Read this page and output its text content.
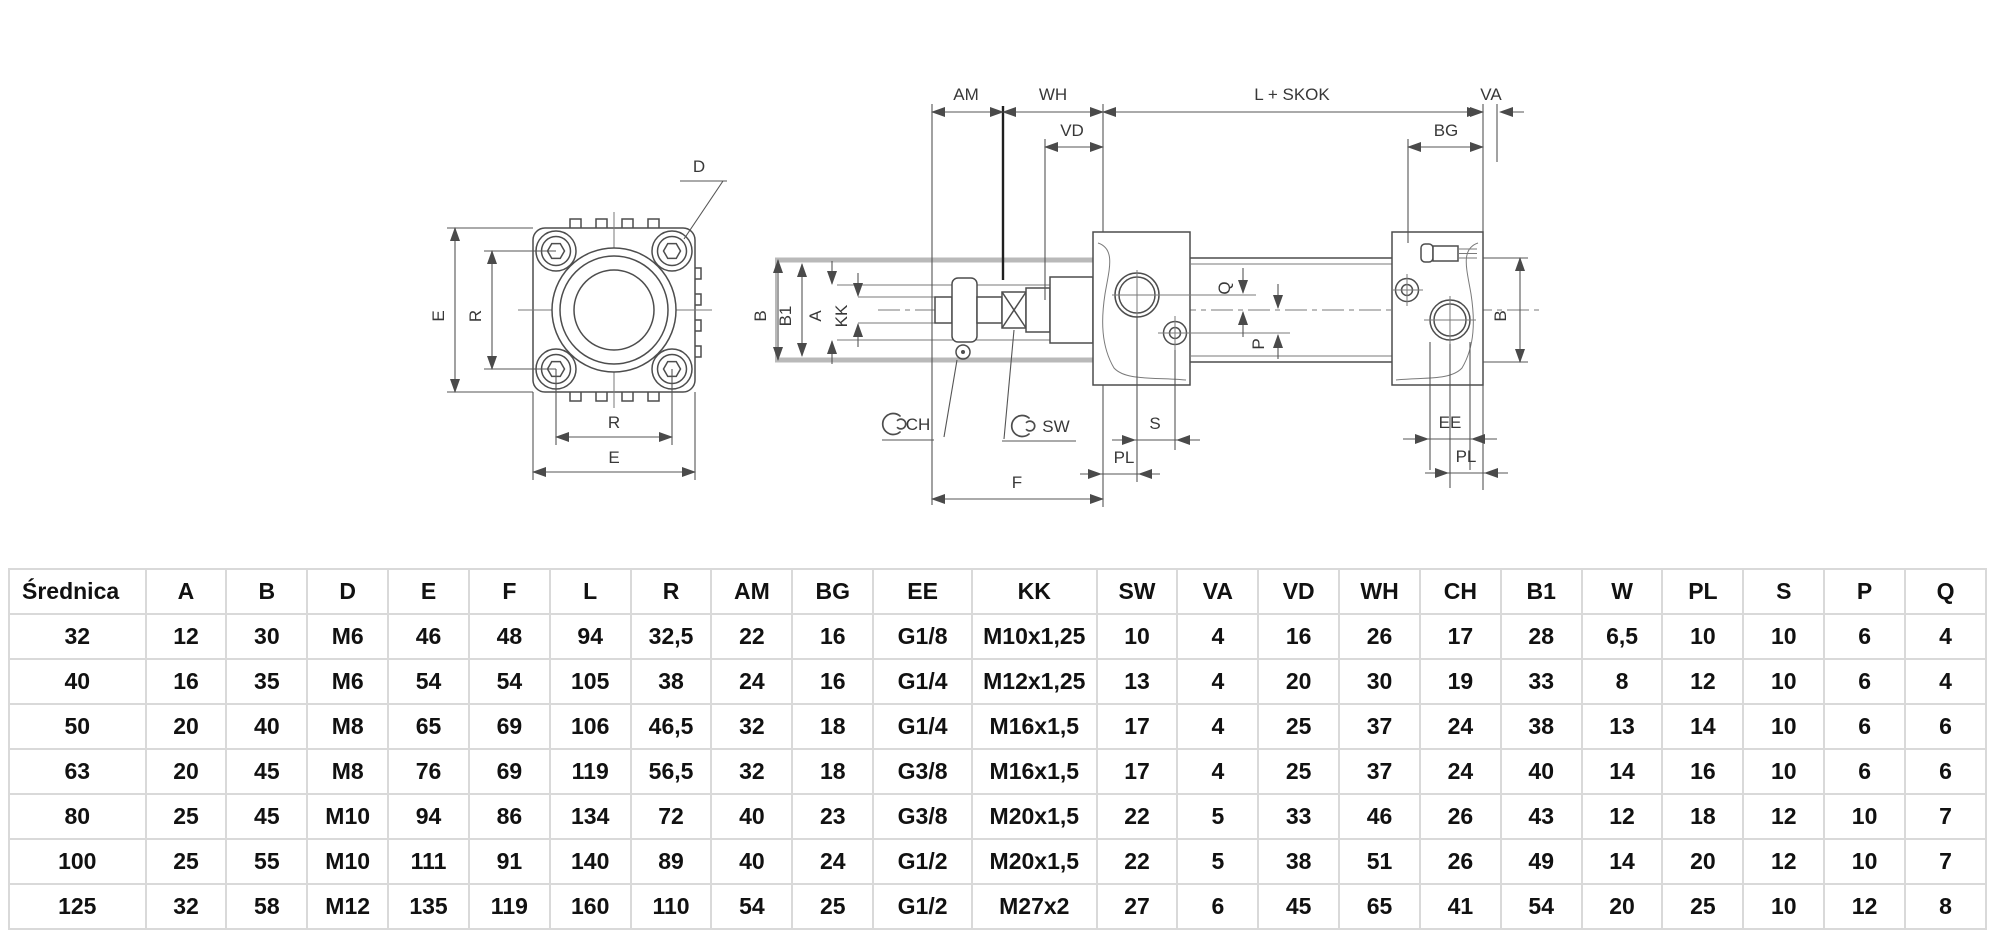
E R
R
E
D
AM	WH	L + SKOK	VA
VD	BG
B B1 A KK
Q
P
B
CH	SW	S
PL
F
EE
PL
Średnica	A	B	D	E	F	L	R	AM	BG	EE	KK	SW	VA	VD	WH	CH	B1	W	PL	S	P	Q
32	12	30	M6	46	48	94	32,5	22	16	G1/8	M10x1,25	10	4	16	26	17	28	6,5	10	10	6	4
40	16	35	M6	54	54	105	38	24	16	G1/4	M12x1,25	13	4	20	30	19	33	8	12	10	6	4
50	20	40	M8	65	69	106	46,5	32	18	G1/4	M16x1,5	17	4	25	37	24	38	13	14	10	6	6
63	20	45	M8	76	69	119	56,5	32	18	G3/8	M16x1,5	17	4	25	37	24	40	14	16	10	6	6
80	25	45	M10	94	86	134	72	40	23	G3/8	M20x1,5	22	5	33	46	26	43	12	18	12	10	7
100	25	55	M10	111	91	140	89	40	24	G1/2	M20x1,5	22	5	38	51	26	49	14	20	12	10	7
125	32	58	M12	135	119	160	110	54	25	G1/2	M27x2	27	6	45	65	41	54	20	25	10	12	8
